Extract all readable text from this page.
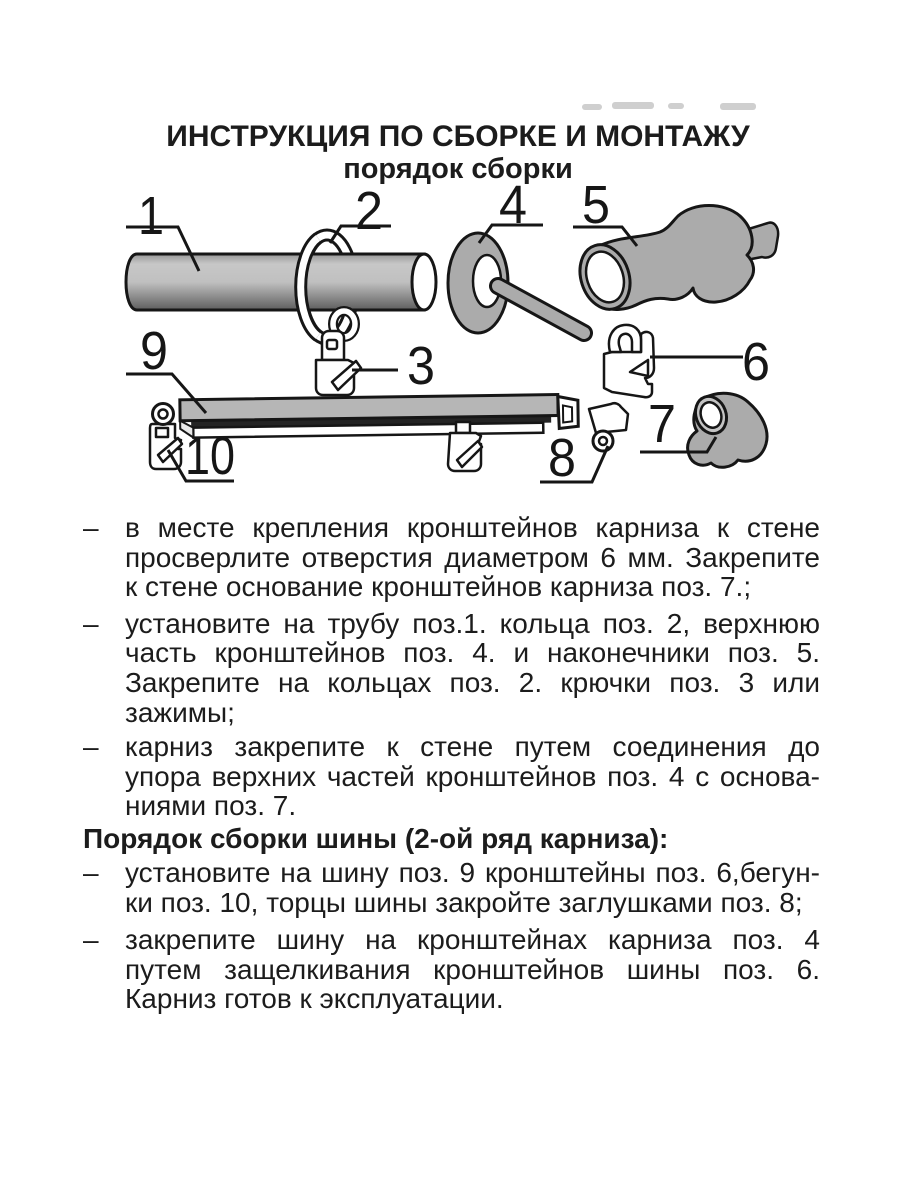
ИНСТРУКЦИЯ ПО СБОРКЕ И МОНТАЖУ
порядок сборки
1	2
3
4 5
6
7
8
9
10
– в месте крепления кронштейнов карниза к стене
просверлите отверстия диаметром 6 мм. Закрепите
к стене основание кронштейнов карниза поз. 7.;
– установите на трубу поз.1. кольца поз. 2, верхнюю
часть кронштейнов поз. 4. и наконечники поз. 5.
Закрепите на кольцах поз. 2. крючки поз. 3 или
зажимы;
– карниз закрепите к стене путем соединения до
упора верхних частей кронштейнов поз. 4 с основа-
ниями поз. 7.
Порядок сборки шины (2-ой ряд карниза):
– установите на шину поз. 9 кронштейны поз. 6,бегун-
ки поз. 10, торцы шины закройте заглушками поз. 8;
– закрепите шину на кронштейнах карниза поз. 4
путем защелкивания кронштейнов шины поз. 6.
Карниз готов к эксплуатации.
